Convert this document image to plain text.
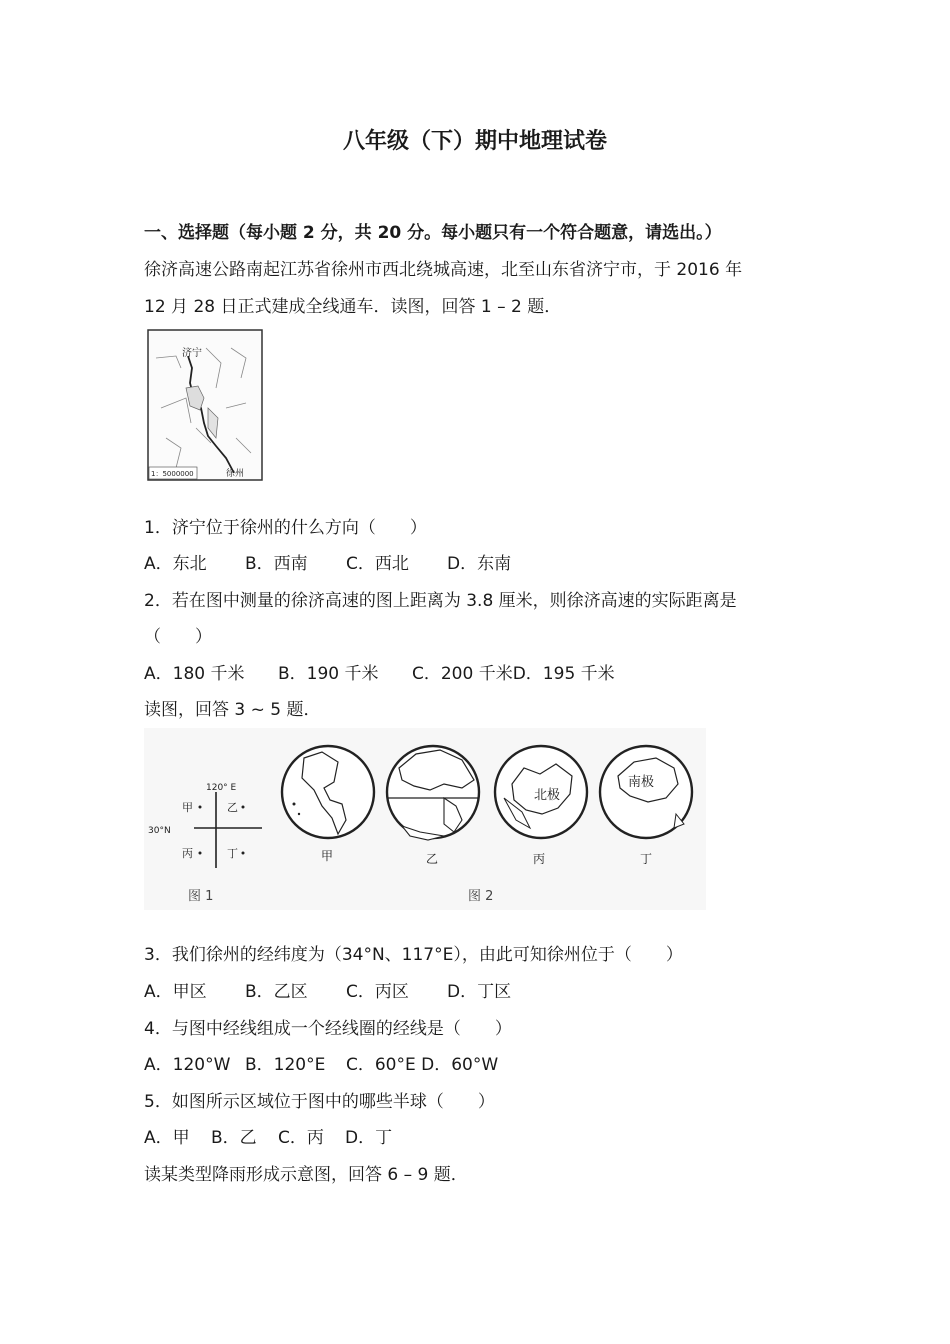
八年级（下）期中地理试卷
一、选择题（每小题 2 分，共 20 分。每小题只有一个符合题意，请选出。）
徐济高速公路南起江苏省徐州市西北绕城高速，北至山东省济宁市，于 2016 年
12 月 28 日正式建成全线通车．读图，回答 1 – 2 题．
济宁
徐州
1：5000000
1．济宁位于徐州的什么方向（　　）
A．东北 B．西南 C．西北 D．东南
2．若在图中测量的徐济高速的图上距离为 3.8 厘米，则徐济高速的实际距离是
（　　）
A．180 千米 B．190 千米 C．200 千米D．195 千米
读图，回答 3 ~ 5 题．
120° E
30°N
甲	乙
丙	丁
图 1
甲	乙
北极
丙
南极
丁
图 2
3．我们徐州的经纬度为（34°N、117°E），由此可知徐州位于（　　）
A．甲区 B．乙区 C．丙区 D．丁区
4．与图中经线组成一个经线圈的经线是（　　）
A．120°W B．120°E C．60°E D．60°W
5．如图所示区域位于图中的哪些半球（　　）
A．甲 B．乙 C．丙 D．丁
读某类型降雨形成示意图，回答 6 – 9 题．
